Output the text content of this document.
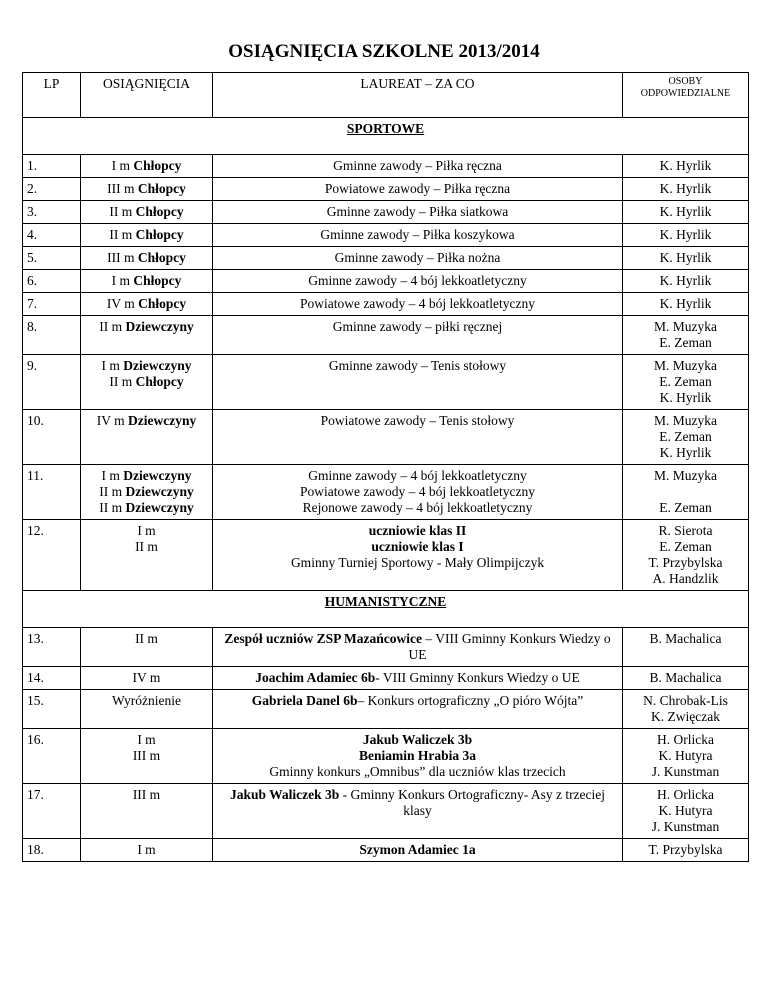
OSIĄGNIĘCIA SZKOLNE 2013/2014
LP	OSIĄGNIĘCIA	LAUREAT – ZA CO	OSOBY ODPOWIEDZIALNE
SPORTOWE			
1.	I m Chłopcy	Gminne zawody – Piłka ręczna	K. Hyrlik

2.	III m Chłopcy	Powiatowe zawody – Piłka ręczna	K. Hyrlik

3.	II m Chłopcy	Gminne zawody – Piłka siatkowa	K. Hyrlik

4.	II m Chłopcy	Gminne zawody – Piłka koszykowa	K. Hyrlik

5.	III m Chłopcy	Gminne zawody – Piłka nożna	K. Hyrlik

6.	I m Chłopcy	Gminne zawody – 4 bój lekkoatletyczny	K. Hyrlik

7.	IV m Chłopcy	Powiatowe zawody – 4 bój lekkoatletyczny	K. Hyrlik

8.	II m Dziewczyny	Gminne zawody – piłki ręcznej	M. Muzyka
E. Zeman

9.	I m Dziewczyny
II m Chłopcy	Gminne zawody – Tenis stołowy	M. Muzyka
E. Zeman
K. Hyrlik

10.	IV m Dziewczyny	Powiatowe zawody – Tenis stołowy	M. Muzyka
E. Zeman
K. Hyrlik

11.	I m Dziewczyny
II m Dziewczyny
II m Dziewczyny	Gminne zawody – 4 bój lekkoatletyczny
Powiatowe zawody – 4 bój lekkoatletyczny
Rejonowe zawody – 4 bój lekkoatletyczny	M. Muzyka

E. Zeman

12.	I m
II m	uczniowie klas II
uczniowie klas I
Gminny Turniej Sportowy - Mały Olimpijczyk	R. Sierota
E. Zeman
T. Przybylska
A. Handzlik

HUMANISTYCZNE			
13.	II m	Zespół uczniów ZSP Mazańcowice – VIII Gminny Konkurs Wiedzy o UE	B. Machalica

14.	IV m	Joachim Adamiec 6b- VIII Gminny Konkurs Wiedzy o UE	B. Machalica

15.	Wyróżnienie	Gabriela Danel 6b– Konkurs ortograficzny „O pióro Wójta”	N. Chrobak-Lis
K. Zwięczak

16.	I m
III m	Jakub Waliczek 3b
Beniamin Hrabia 3a
Gminny konkurs „Omnibus” dla uczniów klas trzecich	H. Orlicka
K. Hutyra
J. Kunstman

17.	III m	Jakub Waliczek 3b - Gminny Konkurs Ortograficzny- Asy z trzeciej klasy	H. Orlicka
K. Hutyra
J. Kunstman

18.	I m	Szymon Adamiec 1a	T. Przybylska
